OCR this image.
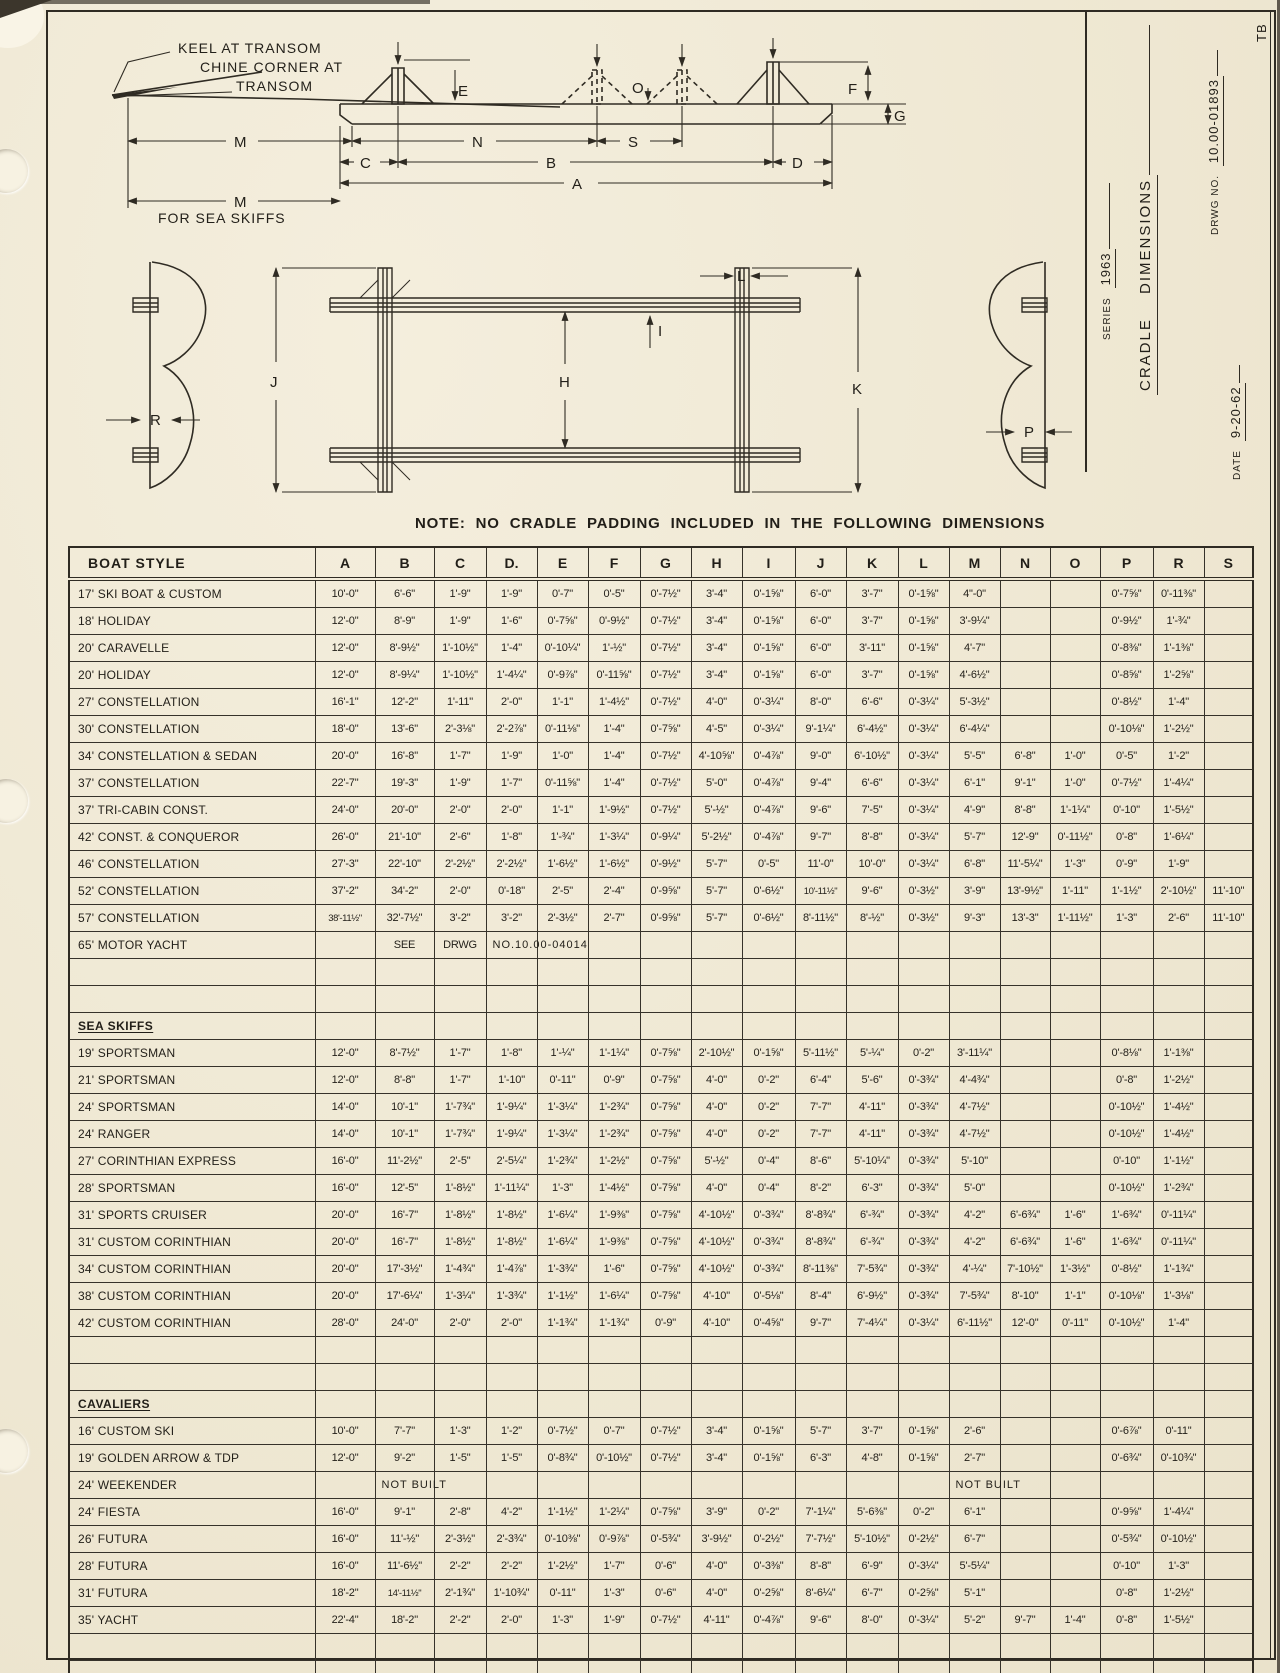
SERIES  1963 CRADLE DIMENSIONS	DRWG NO.  10.00-01893
DATE  9-20-62
TB
KEEL AT TRANSOM
CHINE CORNER AT
TRANSOM	E	O	F
G
M	N	S
C	B	D
A
M
FOR SEA SKIFFS
J	H
I
K
L
R
P
NOTE: NO CRADLE PADDING INCLUDED IN THE FOLLOWING DIMENSIONS
BOAT STYLE	A	B	C	D.	E	F	G	H	I	J	K	L	M	N	O	P	R	S
17' SKI BOAT & CUSTOM	10'-0"	6'-6"	1'-9"	1'-9"	0'-7"	0'-5"	0'-7½"	3'-4"	0'-1⅝"	6'-0"	3'-7"	0'-1⅝"	4"-0"			0'-7⅝"	0'-11⅜"	
18' HOLIDAY	12'-0"	8'-9"	1'-9"	1'-6"	0'-7⅝"	0'-9½"	0'-7½"	3'-4"	0'-1⅝"	6'-0"	3'-7"	0'-1⅝"	3'-9¼"			0'-9½"	1'-¾"	
20' CARAVELLE	12'-0"	8'-9½"	1'-10½"	1'-4"	0'-10¼"	1'-½"	0'-7½"	3'-4"	0'-1⅝"	6'-0"	3'-11"	0'-1⅝"	4'-7"			0'-8⅜"	1'-1⅜"	
20' HOLIDAY	12'-0"	8'-9¼"	1'-10½"	1'-4¼"	0'-9⅞"	0'-11⅝"	0'-7½"	3'-4"	0'-1⅝"	6'-0"	3'-7"	0'-1⅝"	4'-6½"			0'-8⅝"	1'-2⅝"	
27' CONSTELLATION	16'-1"	12'-2"	1'-11"	2'-0"	1'-1"	1'-4½"	0'-7½"	4'-0"	0'-3¼"	8'-0"	6'-6"	0'-3¼"	5'-3½"			0'-8½"	1'-4"	
30' CONSTELLATION	18'-0"	13'-6"	2'-3⅛"	2'-2⅞"	0'-11⅛"	1'-4"	0'-7⅝"	4'-5"	0'-3¼"	9'-1¼"	6'-4½"	0'-3¼"	6'-4¼"			0'-10⅛"	1'-2½"	
34' CONSTELLATION & SEDAN	20'-0"	16'-8"	1'-7"	1'-9"	1'-0"	1'-4"	0'-7½"	4'-10⅝"	0'-4⅞"	9'-0"	6'-10½"	0'-3¼"	5'-5"	6'-8"	1'-0"	0'-5"	1'-2"	
37' CONSTELLATION	22'-7"	19'-3"	1'-9"	1'-7"	0'-11⅝"	1'-4"	0'-7½"	5'-0"	0'-4⅞"	9'-4"	6'-6"	0'-3¼"	6'-1"	9'-1"	1'-0"	0'-7½"	1'-4¼"	
37' TRI-CABIN CONST.	24'-0"	20'-0"	2'-0"	2'-0"	1'-1"	1'-9½"	0'-7½"	5'-½"	0'-4⅞"	9'-6"	7'-5"	0'-3¼"	4'-9"	8'-8"	1'-1¼"	0'-10"	1'-5½"	
42' CONST. & CONQUEROR	26'-0"	21'-10"	2'-6"	1'-8"	1'-¾"	1'-3¼"	0'-9¼"	5'-2½"	0'-4⅞"	9'-7"	8'-8"	0'-3¼"	5'-7"	12'-9"	0'-11½"	0'-8"	1'-6¼"	
46' CONSTELLATION	27'-3"	22'-10"	2'-2½"	2'-2½"	1'-6½"	1'-6½"	0'-9½"	5'-7"	0'-5"	11'-0"	10'-0"	0'-3¼"	6'-8"	11'-5¼"	1'-3"	0'-9"	1'-9"	
52' CONSTELLATION	37'-2"	34'-2"	2'-0"	0'-18"	2'-5"	2'-4"	0'-9⅝"	5'-7"	0'-6½"	10'-11½"	9'-6"	0'-3½"	3'-9"	13'-9½"	1'-11"	1'-1½"	2'-10½"	11'-10"
57' CONSTELLATION	38'-11½"	32'-7½"	3'-2"	3'-2"	2'-3½"	2'-7"	0'-9⅝"	5'-7"	0'-6½"	8'-11½"	8'-½"	0'-3½"	9'-3"	13'-3"	1'-11½"	1'-3"	2'-6"	11'-10"
65' MOTOR YACHT		SEE	DRWG	NO.10.00-04014														

SEA SKIFFS																		
19' SPORTSMAN	12'-0"	8'-7½"	1'-7"	1'-8"	1'-¼"	1'-1¼"	0'-7⅝"	2'-10½"	0'-1⅝"	5'-11½"	5'-¼"	0'-2"	3'-11¼"			0'-8⅛"	1'-1⅜"	
21' SPORTSMAN	12'-0"	8'-8"	1'-7"	1'-10"	0'-11"	0'-9"	0'-7⅝"	4'-0"	0'-2"	6'-4"	5'-6"	0'-3¾"	4'-4¾"			0'-8"	1'-2½"	
24' SPORTSMAN	14'-0"	10'-1"	1'-7¾"	1'-9¼"	1'-3¼"	1'-2¾"	0'-7⅝"	4'-0"	0'-2"	7'-7"	4'-11"	0'-3¾"	4'-7½"			0'-10½"	1'-4½"	
24' RANGER	14'-0"	10'-1"	1'-7¾"	1'-9¼"	1'-3¼"	1'-2¾"	0'-7⅝"	4'-0"	0'-2"	7'-7"	4'-11"	0'-3¾"	4'-7½"			0'-10½"	1'-4½"	
27' CORINTHIAN EXPRESS	16'-0"	11'-2½"	2'-5"	2'-5¼"	1'-2¾"	1'-2½"	0'-7⅝"	5'-½"	0'-4"	8'-6"	5'-10¼"	0'-3¾"	5'-10"			0'-10"	1'-1½"	
28' SPORTSMAN	16'-0"	12'-5"	1'-8½"	1'-11¼"	1'-3"	1'-4½"	0'-7⅝"	4'-0"	0'-4"	8'-2"	6'-3"	0'-3¾"	5'-0"			0'-10½"	1'-2¾"	
31' SPORTS CRUISER	20'-0"	16'-7"	1'-8½"	1'-8½"	1'-6¼"	1'-9⅜"	0'-7⅝"	4'-10½"	0'-3¾"	8'-8¾"	6'-¾"	0'-3¾"	4'-2"	6'-6¾"	1'-6"	1'-6¾"	0'-11¼"	
31' CUSTOM CORINTHIAN	20'-0"	16'-7"	1'-8½"	1'-8½"	1'-6¼"	1'-9⅜"	0'-7⅝"	4'-10½"	0'-3¾"	8'-8¾"	6'-¾"	0'-3¾"	4'-2"	6'-6¾"	1'-6"	1'-6¾"	0'-11¼"	
34' CUSTOM CORINTHIAN	20'-0"	17'-3½"	1'-4¾"	1'-4⅞"	1'-3¾"	1'-6"	0'-7⅝"	4'-10½"	0'-3¾"	8'-11⅜"	7'-5¾"	0'-3¾"	4'-¼"	7'-10½"	1'-3½"	0'-8½"	1'-1¾"	
38' CUSTOM CORINTHIAN	20'-0"	17'-6¼"	1'-3¼"	1'-3¾"	1'-1½"	1'-6¼"	0'-7⅝"	4'-10"	0'-5⅛"	8'-4"	6'-9½"	0'-3¾"	7'-5¾"	8'-10"	1'-1"	0'-10⅛"	1'-3⅛"	
42' CUSTOM CORINTHIAN	28'-0"	24'-0"	2'-0"	2'-0"	1'-1¾"	1'-1¾"	0'-9"	4'-10"	0'-4⅝"	9'-7"	7'-4¼"	0'-3¼"	6'-11½"	12'-0"	0'-11"	0'-10½"	1'-4"	

CAVALIERS																		
16' CUSTOM SKI	10'-0"	7'-7"	1'-3"	1'-2"	0'-7½"	0'-7"	0'-7½"	3'-4"	0'-1⅝"	5'-7"	3'-7"	0'-1⅝"	2'-6"			0'-6⅞"	0'-11"	
19' GOLDEN ARROW & TDP	12'-0"	9'-2"	1'-5"	1'-5"	0'-8¾"	0'-10½"	0'-7½"	3'-4"	0'-1⅝"	6'-3"	4'-8"	0'-1⅝"	2'-7"			0'-6¾"	0'-10¾"	
24' WEEKENDER		NOT BUILT											NOT BUILT					

24' FIESTA	16'-0"	9'-1"	2'-8"	4'-2"	1'-1½"	1'-2¼"	0'-7⅝"	3'-9"	0'-2"	7'-1¼"	5'-6⅜"	0'-2"	6'-1"			0'-9⅝"	1'-4¼"	
26' FUTURA	16'-0"	11'-½"	2'-3½"	2'-3¾"	0'-10⅜"	0'-9⅞"	0'-5¾"	3'-9½"	0'-2½"	7'-7½"	5'-10½"	0'-2½"	6'-7"			0'-5¾"	0'-10½"	
28' FUTURA	16'-0"	11'-6½"	2'-2"	2'-2"	1'-2½"	1'-7"	0'-6"	4'-0"	0'-3⅜"	8'-8"	6'-9"	0'-3¼"	5'-5¼"			0'-10"	1'-3"	
31' FUTURA	18'-2"	14'-11½"	2'-1¾"	1'-10¾"	0'-11"	1'-3"	0'-6"	4'-0"	0'-2⅝"	8'-6¼"	6'-7"	0'-2⅝"	5'-1"			0'-8"	1'-2½"	
35' YACHT	22'-4"	18'-2"	2'-2"	2'-0"	1'-3"	1'-9"	0'-7½"	4'-11"	0'-4⅞"	9'-6"	8'-0"	0'-3¼"	5'-2"	9'-7"	1'-4"	0'-8"	1'-5½"	
